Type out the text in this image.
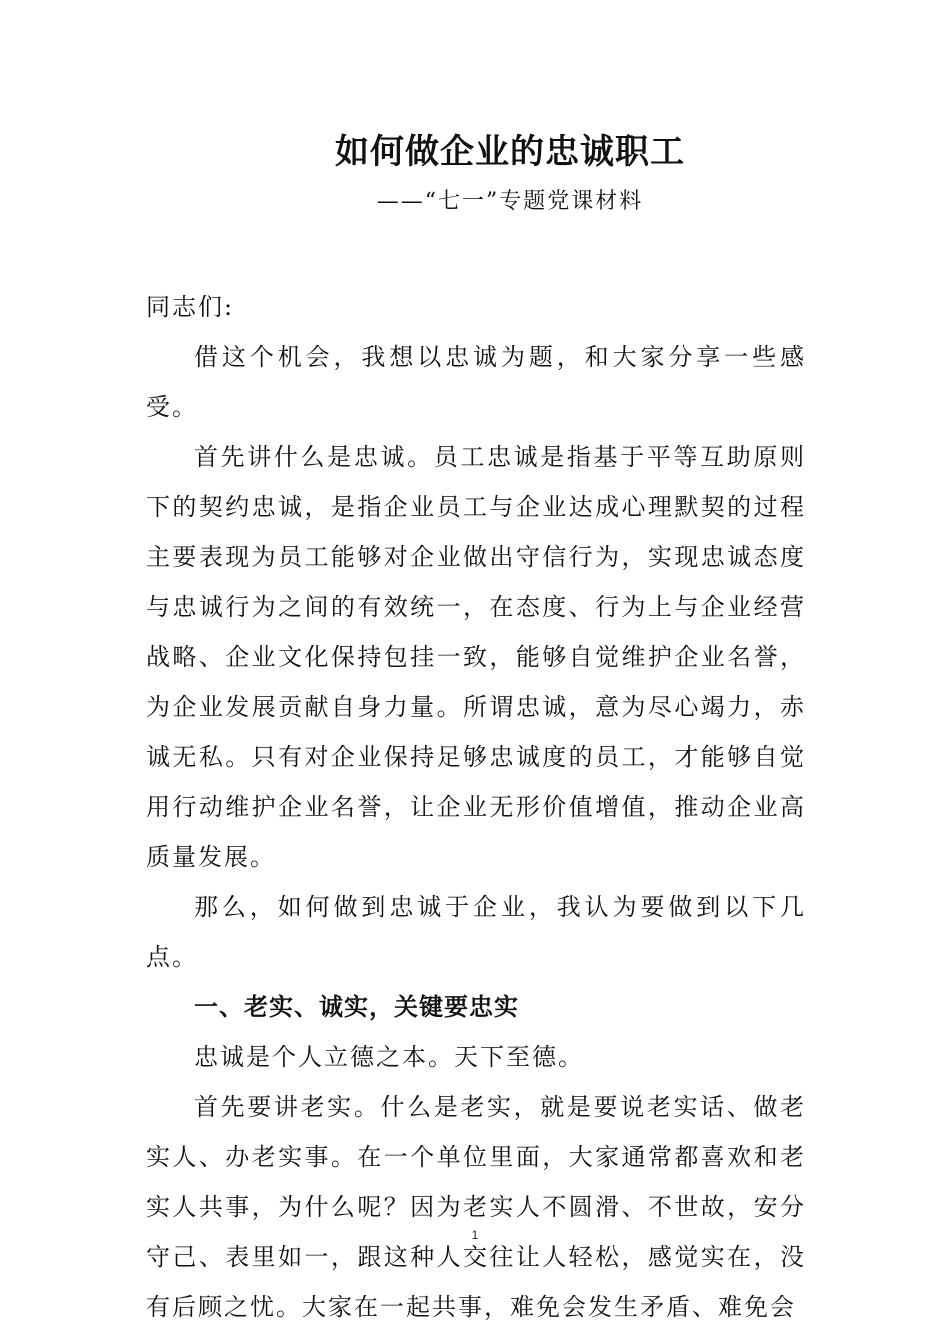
如何做企业的忠诚职工
——“七一”专题党课材料

同志们:

借这个机会，我想以忠诚为题，和大家分享一些感受。

首先讲什么是忠诚。员工忠诚是指基于平等互助原则下的契约忠诚，是指企业员工与企业达成心理默契的过程主要表现为员工能够对企业做出守信行为，实现忠诚态度与忠诚行为之间的有效统一，在态度、行为上与企业经营战略、企业文化保持包挂一致，能够自觉维护企业名誉，为企业发展贡献自身力量。所谓忠诚，意为尽心竭力，赤诚无私。只有对企业保持足够忠诚度的员工，才能够自觉用行动维护企业名誉，让企业无形价值增值，推动企业高质量发展。

那么，如何做到忠诚于企业，我认为要做到以下几点。

一、老实、诚实，关键要忠实

忠诚是个人立德之本。天下至德。

首先要讲老实。什么是老实，就是要说老实话、做老实人、办老实事。在一个单位里面，大家通常都喜欢和老实人共事，为什么呢？因为老实人不圆滑、不世故，安分守己、表里如一，跟这种人交往让人轻松，感觉实在，没有后顾之忧。大家在一起共事，难免会发生矛盾、难免会

1
